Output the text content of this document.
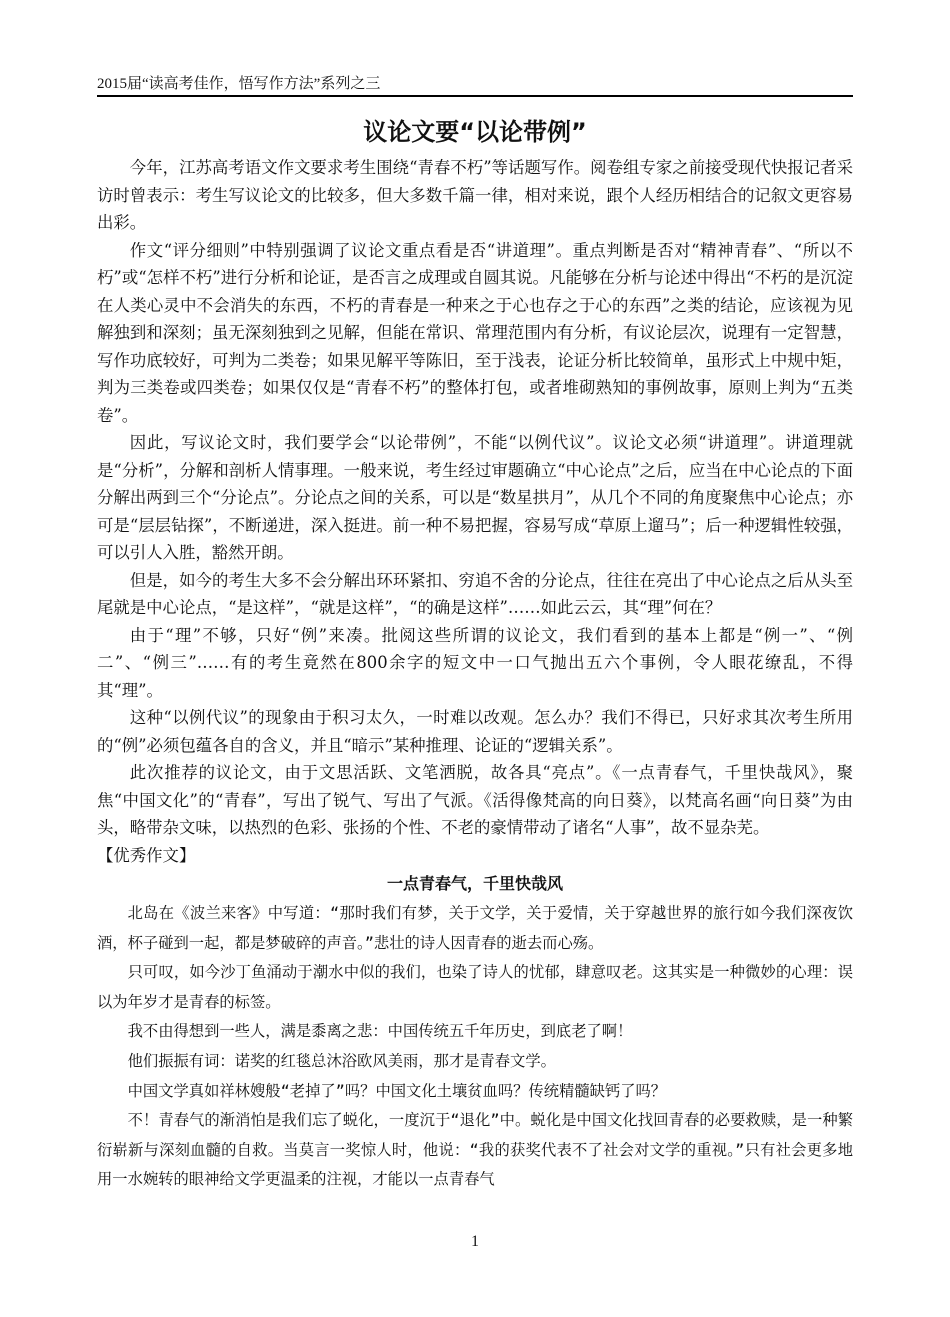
2015届“读高考佳作，悟写作方法”系列之三
议论文要“以论带例”

今年，江苏高考语文作文要求考生围绕“青春不朽”等话题写作。阅卷组专家之前接受现代快报记者采访时曾表示：考生写议论文的比较多，但大多数千篇一律，相对来说，跟个人经历相结合的记叙文更容易出彩。

作文“评分细则”中特别强调了议论文重点看是否“讲道理”。重点判断是否对“精神青春”、“所以不朽”或“怎样不朽”进行分析和论证，是否言之成理或自圆其说。凡能够在分析与论述中得出“不朽的是沉淀在人类心灵中不会消失的东西，不朽的青春是一种来之于心也存之于心的东西”之类的结论，应该视为见解独到和深刻；虽无深刻独到之见解，但能在常识、常理范围内有分析，有议论层次，说理有一定智慧，写作功底较好，可判为二类卷；如果见解平等陈旧，至于浅表，论证分析比较简单，虽形式上中规中矩，判为三类卷或四类卷；如果仅仅是“青春不朽”的整体打包，或者堆砌熟知的事例故事，原则上判为“五类卷”。

因此，写议论文时，我们要学会“以论带例”，不能“以例代议”。议论文必须“讲道理”。讲道理就是“分析”，分解和剖析人情事理。一般来说，考生经过审题确立“中心论点”之后，应当在中心论点的下面分解出两到三个“分论点”。分论点之间的关系，可以是“数星拱月”，从几个不同的角度聚焦中心论点；亦可是“层层钻探”，不断递进，深入挺进。前一种不易把握，容易写成“草原上遛马”；后一种逻辑性较强，可以引人入胜，豁然开朗。

但是，如今的考生大多不会分解出环环紧扣、穷追不舍的分论点，往往在亮出了中心论点之后从头至尾就是中心论点，“是这样”，“就是这样”，“的确是这样”……如此云云，其“理”何在？

由于“理”不够，只好“例”来凑。批阅这些所谓的议论文，我们看到的基本上都是“例一”、“例二”、“例三”……有的考生竟然在800余字的短文中一口气抛出五六个事例，令人眼花缭乱，不得其“理”。

这种“以例代议”的现象由于积习太久，一时难以改观。怎么办？我们不得已，只好求其次考生所用的“例”必须包蕴各自的含义，并且“暗示”某种推理、论证的“逻辑关系”。

此次推荐的议论文，由于文思活跃、文笔洒脱，故各具“亮点”。《一点青春气，千里快哉风》，聚焦“中国文化”的“青春”，写出了锐气、写出了气派。《活得像梵高的向日葵》，以梵高名画“向日葵”为由头，略带杂文味，以热烈的色彩、张扬的个性、不老的豪情带动了诸名“人事”，故不显杂芜。

【优秀作文】
一点青春气，千里快哉风

北岛在《波兰来客》中写道：“那时我们有梦，关于文学，关于爱情，关于穿越世界的旅行如今我们深夜饮酒，杯子碰到一起，都是梦破碎的声音。”悲壮的诗人因青春的逝去而心殇。

只可叹，如今沙丁鱼涌动于潮水中似的我们，也染了诗人的忧郁，肆意叹老。这其实是一种微妙的心理：误以为年岁才是青春的标签。

我不由得想到一些人，满是黍离之悲：中国传统五千年历史，到底老了啊！

他们振振有词：诺奖的红毯总沐浴欧风美雨，那才是青春文学。

中国文学真如祥林嫂般“老掉了”吗？中国文化土壤贫血吗？传统精髓缺钙了吗？

不！青春气的渐消怕是我们忘了蜕化，一度沉于“退化”中。蜕化是中国文化找回青春的必要救赎，是一种繁衍崭新与深刻血髓的自救。当莫言一奖惊人时，他说：“我的获奖代表不了社会对文学的重视。”只有社会更多地用一水婉转的眼神给文学更温柔的注视，才能以一点青春气

1
